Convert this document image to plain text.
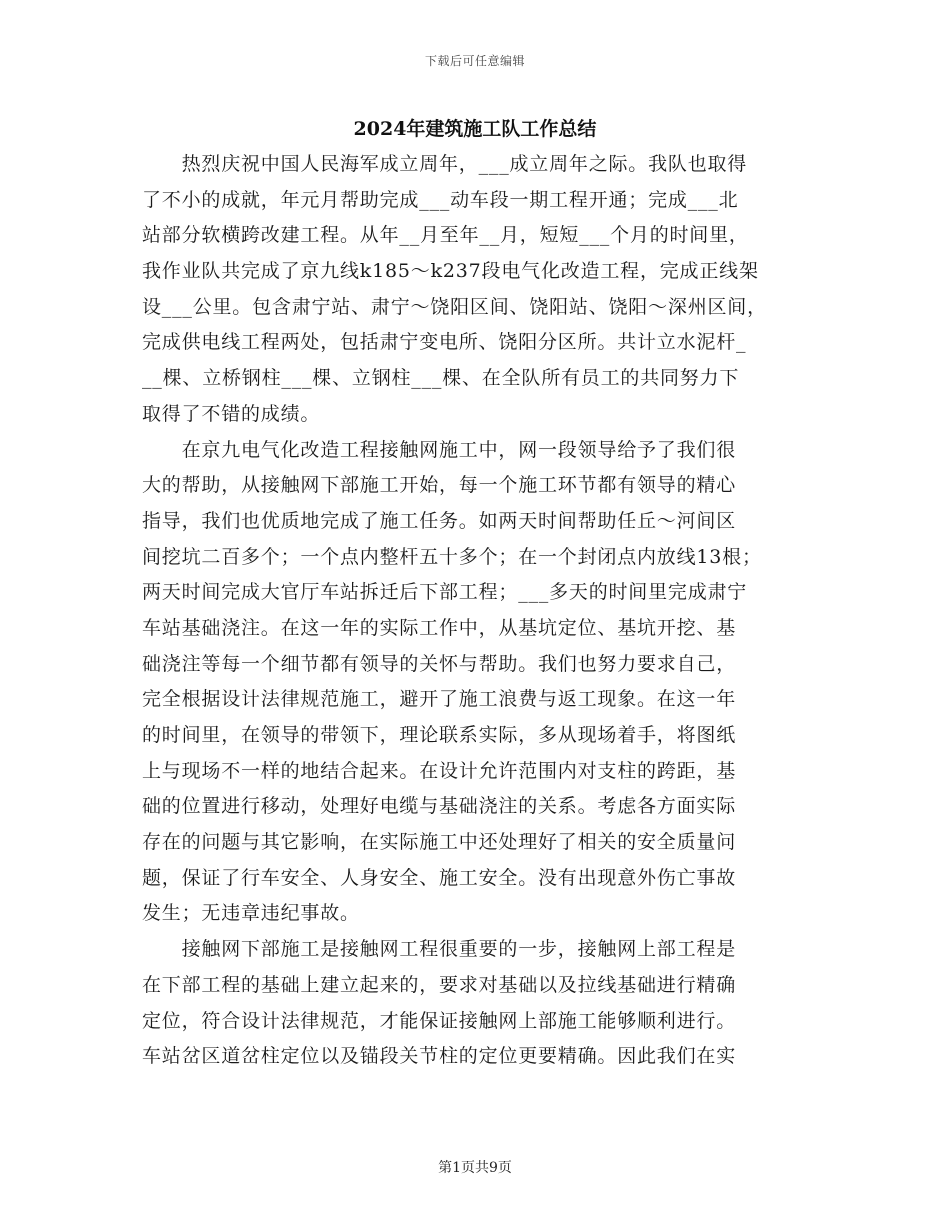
下载后可任意编辑
2024年建筑施工队工作总结
　　热烈庆祝中国人民海军成立周年，___成立周年之际。我队也取得
了不小的成就，年元月帮助完成___动车段一期工程开通；完成___北
站部分软横跨改建工程。从年__月至年__月，短短___个月的时间里，
我作业队共完成了京九线k185～k237段电气化改造工程，完成正线架
设___公里。包含肃宁站、肃宁～饶阳区间、饶阳站、饶阳～深州区间，
完成供电线工程两处，包括肃宁变电所、饶阳分区所。共计立水泥杆_
__棵、立桥钢柱___棵、立钢柱___棵、在全队所有员工的共同努力下
取得了不错的成绩。
　　在京九电气化改造工程接触网施工中，网一段领导给予了我们很
大的帮助，从接触网下部施工开始，每一个施工环节都有领导的精心
指导，我们也优质地完成了施工任务。如两天时间帮助任丘～河间区
间挖坑二百多个；一个点内整杆五十多个；在一个封闭点内放线13根；
两天时间完成大官厅车站拆迁后下部工程；___多天的时间里完成肃宁
车站基础浇注。在这一年的实际工作中，从基坑定位、基坑开挖、基
础浇注等每一个细节都有领导的关怀与帮助。我们也努力要求自己，
完全根据设计法律规范施工，避开了施工浪费与返工现象。在这一年
的时间里，在领导的带领下，理论联系实际，多从现场着手，将图纸
上与现场不一样的地结合起来。在设计允许范围内对支柱的跨距，基
础的位置进行移动，处理好电缆与基础浇注的关系。考虑各方面实际
存在的问题与其它影响，在实际施工中还处理好了相关的安全质量问
题，保证了行车安全、人身安全、施工安全。没有出现意外伤亡事故
发生；无违章违纪事故。
　　接触网下部施工是接触网工程很重要的一步，接触网上部工程是
在下部工程的基础上建立起来的，要求对基础以及拉线基础进行精确
定位，符合设计法律规范，才能保证接触网上部施工能够顺利进行。
车站岔区道岔柱定位以及锚段关节柱的定位更要精确。因此我们在实
第1页共9页
